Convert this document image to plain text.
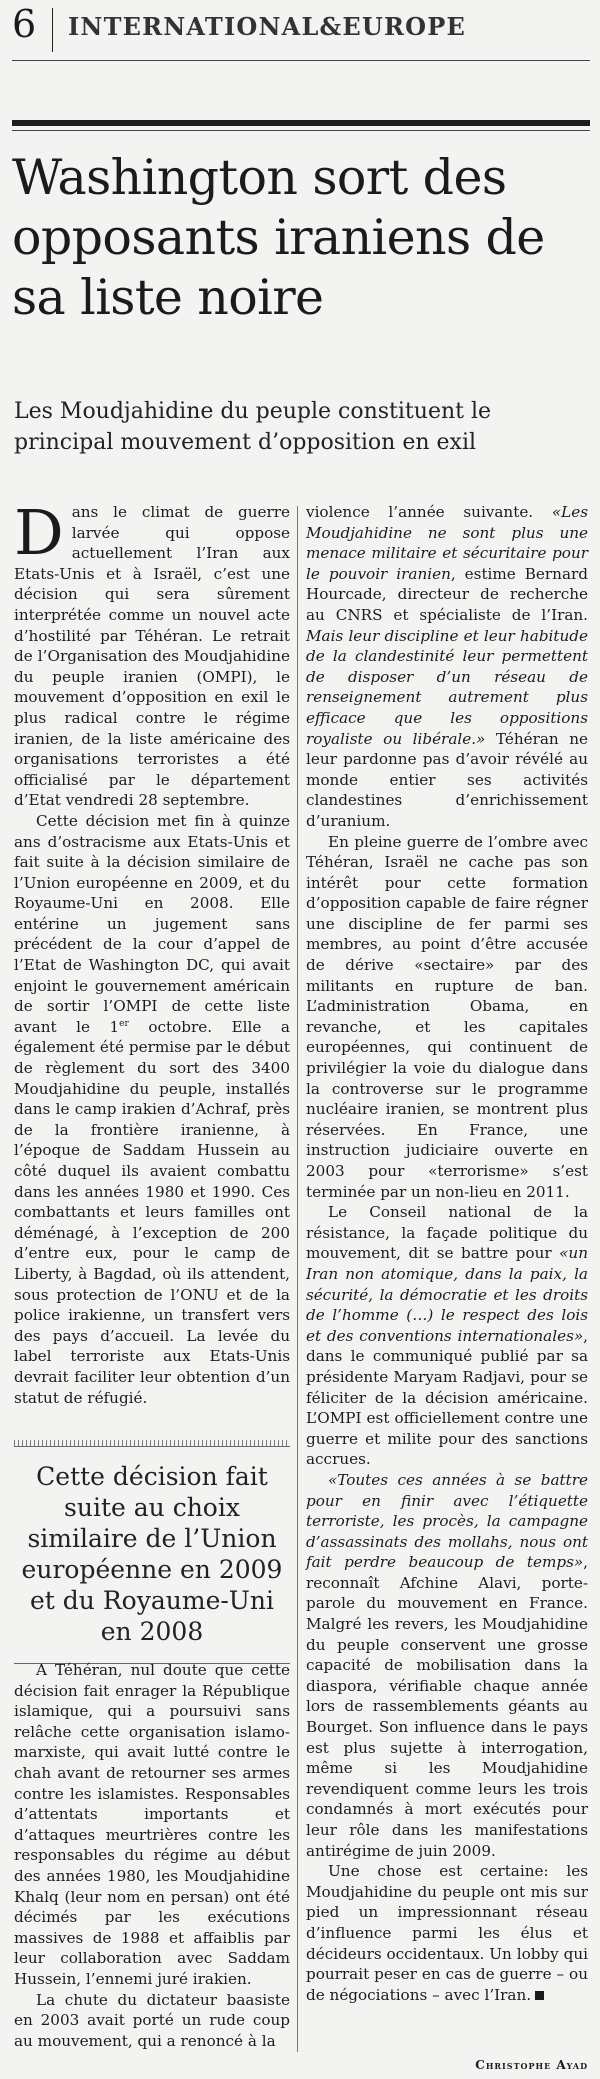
6 INTERNATIONAL&EUROPE
Washington sort des opposants iraniens de sa liste noire

Les Moudjahidine du peuple constituent le principal mouvement d’opposition en exil

Dans le climat de guerre larvée qui oppose actuellement l’Iran aux Etats-Unis et à Israël, c’est une décision qui sera sûrement interprétée comme un nouvel acte d’hostilité par Téhéran. Le retrait de l’Organisation des Moudjahidine du peuple iranien (OMPI), le mouvement d’opposition en exil le plus radical contre le régime iranien, de la liste américaine des organisations terroristes a été officialisé par le département d’Etat vendredi 28 septembre.

Cette décision met fin à quinze ans d’ostracisme aux Etats-Unis et fait suite à la décision similaire de l’Union européenne en 2009, et du Royaume-Uni en 2008. Elle entérine un jugement sans précédent de la cour d’appel de l’Etat de Washington DC, qui avait enjoint le gouvernement américain de sortir l’OMPI de cette liste avant le 1er octobre. Elle a également été permise par le début de règlement du sort des 3400 Moudjahidine du peuple, installés dans le camp irakien d’Achraf, près de la frontière iranienne, à l’époque de Saddam Hussein au côté duquel ils avaient combattu dans les années 1980 et 1990. Ces combattants et leurs familles ont déménagé, à l’exception de 200 d’entre eux, pour le camp de Liberty, à Bagdad, où ils attendent, sous protection de l’ONU et de la police irakienne, un transfert vers des pays d’accueil. La levée du label terroriste aux Etats-Unis devrait faciliter leur obtention d’un statut de réfugié.

Cette décision fait suite au choix similaire de l’Union européenne en 2009 et du Royaume-Uni en 2008

A Téhéran, nul doute que cette décision fait enrager la République islamique, qui a poursuivi sans relâche cette organisation islamo-marxiste, qui avait lutté contre le chah avant de retourner ses armes contre les islamistes. Responsables d’attentats importants et d’attaques meurtrières contre les responsables du régime au début des années 1980, les Moudjahidine Khalq (leur nom en persan) ont été décimés par les exécutions massives de 1988 et affaiblis par leur collaboration avec Saddam Hussein, l’ennemi juré irakien.

La chute du dictateur baasiste en 2003 avait porté un rude coup au mouvement, qui a renoncé à la

violence l’année suivante. «Les Moudjahidine ne sont plus une menace militaire et sécuritaire pour le pouvoir iranien, estime Bernard Hourcade, directeur de recherche au CNRS et spécialiste de l’Iran. Mais leur discipline et leur habitude de la clandestinité leur permettent de disposer d’un réseau de renseignement autrement plus efficace que les oppositions royaliste ou libérale.» Téhéran ne leur pardonne pas d’avoir révélé au monde entier ses activités clandestines d’enrichissement d’uranium.

En pleine guerre de l’ombre avec Téhéran, Israël ne cache pas son intérêt pour cette formation d’opposition capable de faire régner une discipline de fer parmi ses membres, au point d’être accusée de dérive «sectaire» par des militants en rupture de ban. L’administration Obama, en revanche, et les capitales européennes, qui continuent de privilégier la voie du dialogue dans la controverse sur le programme nucléaire iranien, se montrent plus réservées. En France, une instruction judiciaire ouverte en 2003 pour «terrorisme» s’est terminée par un non-lieu en 2011.

Le Conseil national de la résistance, la façade politique du mouvement, dit se battre pour «un Iran non atomique, dans la paix, la sécurité, la démocratie et les droits de l’homme (…) le respect des lois et des conventions internationales», dans le communiqué publié par sa présidente Maryam Radjavi, pour se féliciter de la décision américaine. L’OMPI est officiellement contre une guerre et milite pour des sanctions accrues.

«Toutes ces années à se battre pour en finir avec l’étiquette terroriste, les procès, la campagne d’assassinats des mollahs, nous ont fait perdre beaucoup de temps», reconnaît Afchine Alavi, porte-parole du mouvement en France. Malgré les revers, les Moudjahidine du peuple conservent une grosse capacité de mobilisation dans la diaspora, vérifiable chaque année lors de rassemblements géants au Bourget. Son influence dans le pays est plus sujette à interrogation, même si les Moudjahidine revendiquent comme leurs les trois condamnés à mort exécutés pour leur rôle dans les manifestations antirégime de juin 2009.

Une chose est certaine: les Moudjahidine du peuple ont mis sur pied un impressionnant réseau d’influence parmi les élus et décideurs occidentaux. Un lobby qui pourrait peser en cas de guerre – ou de négociations – avec l’Iran.

Christophe Ayad
